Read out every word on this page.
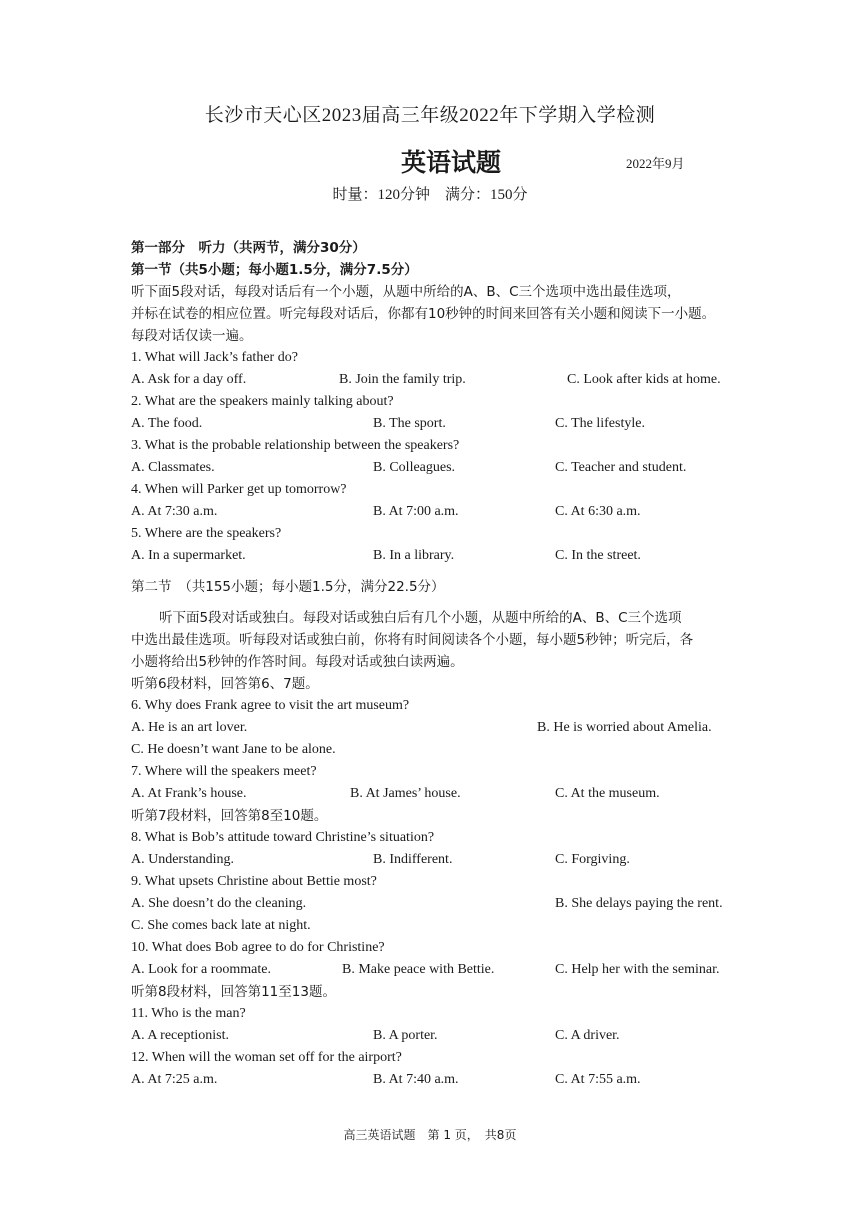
长沙市天心区2023届高三年级2022年下学期入学检测
英语试题	2022年9月
时量：120分钟　满分：150分
第一部分　听力（共两节，满分30分）
第一节（共5小题；每小题1.5分，满分7.5分）
听下面5段对话，每段对话后有一个小题，从题中所给的A、B、C三个选项中选出最佳选项，
并标在试卷的相应位置。听完每段对话后，你都有10秒钟的时间来回答有关小题和阅读下一小题。
每段对话仅读一遍。
1. What will Jack’s father do?
A. Ask for a day off.	B. Join the family trip.	C. Look after kids at home.
2. What are the speakers mainly talking about?
A. The food.	B. The sport.	C. The lifestyle.
3. What is the probable relationship between the speakers?
A. Classmates.	B. Colleagues.	C. Teacher and student.
4. When will Parker get up tomorrow?
A. At 7:30 a.m.	B. At 7:00 a.m.	C. At 6:30 a.m.
5. Where are the speakers?
A. In a supermarket.	B. In a library.	C. In the street.
第二节　（共155小题；每小题1.5分，满分22.5分）
听下面5段对话或独白。每段对话或独白后有几个小题，从题中所给的A、B、C三个选项
中选出最佳选项。听每段对话或独白前，你将有时间阅读各个小题，每小题5秒钟；听完后，各
小题将给出5秒钟的作答时间。每段对话或独白读两遍。
听第6段材料，回答第6、7题。
6. Why does Frank agree to visit the art museum?
A. He is an art lover.	B. He is worried about Amelia.
C. He doesn’t want Jane to be alone.
7. Where will the speakers meet?
A. At Frank’s house.	B. At James’ house.	C. At the museum.
听第7段材料，回答第8至10题。
8. What is Bob’s attitude toward Christine’s situation?
A. Understanding.	B. Indifferent.	C. Forgiving.
9. What upsets Christine about Bettie most?
A. She doesn’t do the cleaning.	B. She delays paying the rent.
C. She comes back late at night.
10. What does Bob agree to do for Christine?
A. Look for a roommate.	B. Make peace with Bettie.	C. Help her with the seminar.
听第8段材料，回答第11至13题。
11. Who is the man?
A. A receptionist.	B. A porter.	C. A driver.
12. When will the woman set off for the airport?
A. At 7:25 a.m.	B. At 7:40 a.m.	C. At 7:55 a.m.
高三英语试题　第 1 页，　共8页
